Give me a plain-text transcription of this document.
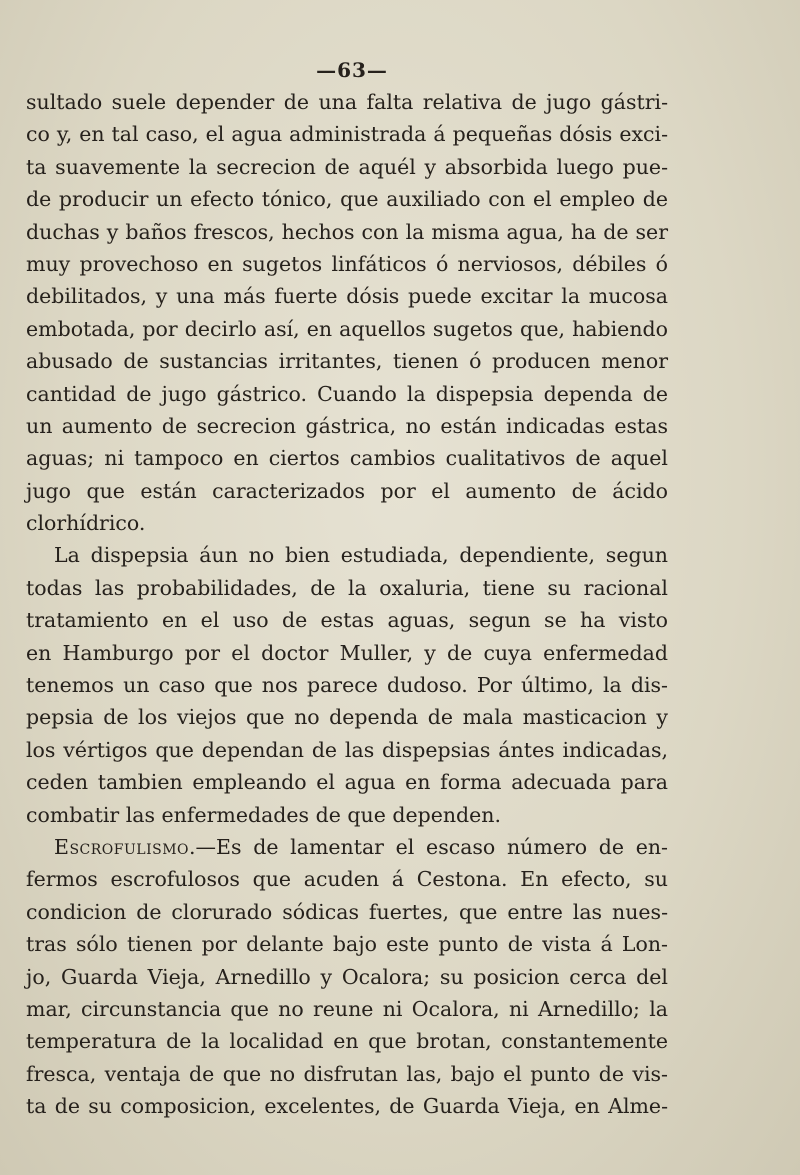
—63—
sultado suele depender de una falta relativa de jugo gástri-
co y, en tal caso, el agua administrada á pequeñas dósis exci-
ta suavemente la secrecion de aquél y absorbida luego pue-
de producir un efecto tónico, que auxiliado con el empleo de
duchas y baños frescos, hechos con la misma agua, ha de ser
muy provechoso en sugetos linfáticos ó nerviosos, débiles ó
debilitados, y una más fuerte dósis puede excitar la mucosa
embotada, por decirlo así, en aquellos sugetos que, habiendo
abusado de sustancias irritantes, tienen ó producen menor
cantidad de jugo gástrico. Cuando la dispepsia dependa de
un aumento de secrecion gástrica, no están indicadas estas
aguas; ni tampoco en ciertos cambios cualitativos de aquel
jugo que están caracterizados por el aumento de ácido
clorhídrico.
La dispepsia áun no bien estudiada, dependiente, segun
todas las probabilidades, de la oxaluria, tiene su racional
tratamiento en el uso de estas aguas, segun se ha visto
en Hamburgo por el doctor Muller, y de cuya enfermedad
tenemos un caso que nos parece dudoso. Por último, la dis-
pepsia de los viejos que no dependa de mala masticacion y
los vértigos que dependan de las dispepsias ántes indicadas,
ceden tambien empleando el agua en forma adecuada para
combatir las enfermedades de que dependen.
Escrofulismo.—Es de lamentar el escaso número de en-
fermos escrofulosos que acuden á Cestona. En efecto, su
condicion de clorurado sódicas fuertes, que entre las nues-
tras sólo tienen por delante bajo este punto de vista á Lon-
jo, Guarda Vieja, Arnedillo y Ocalora; su posicion cerca del
mar, circunstancia que no reune ni Ocalora, ni Arnedillo; la
temperatura de la localidad en que brotan, constantemente
fresca, ventaja de que no disfrutan las, bajo el punto de vis-
ta de su composicion, excelentes, de Guarda Vieja, en Alme-
